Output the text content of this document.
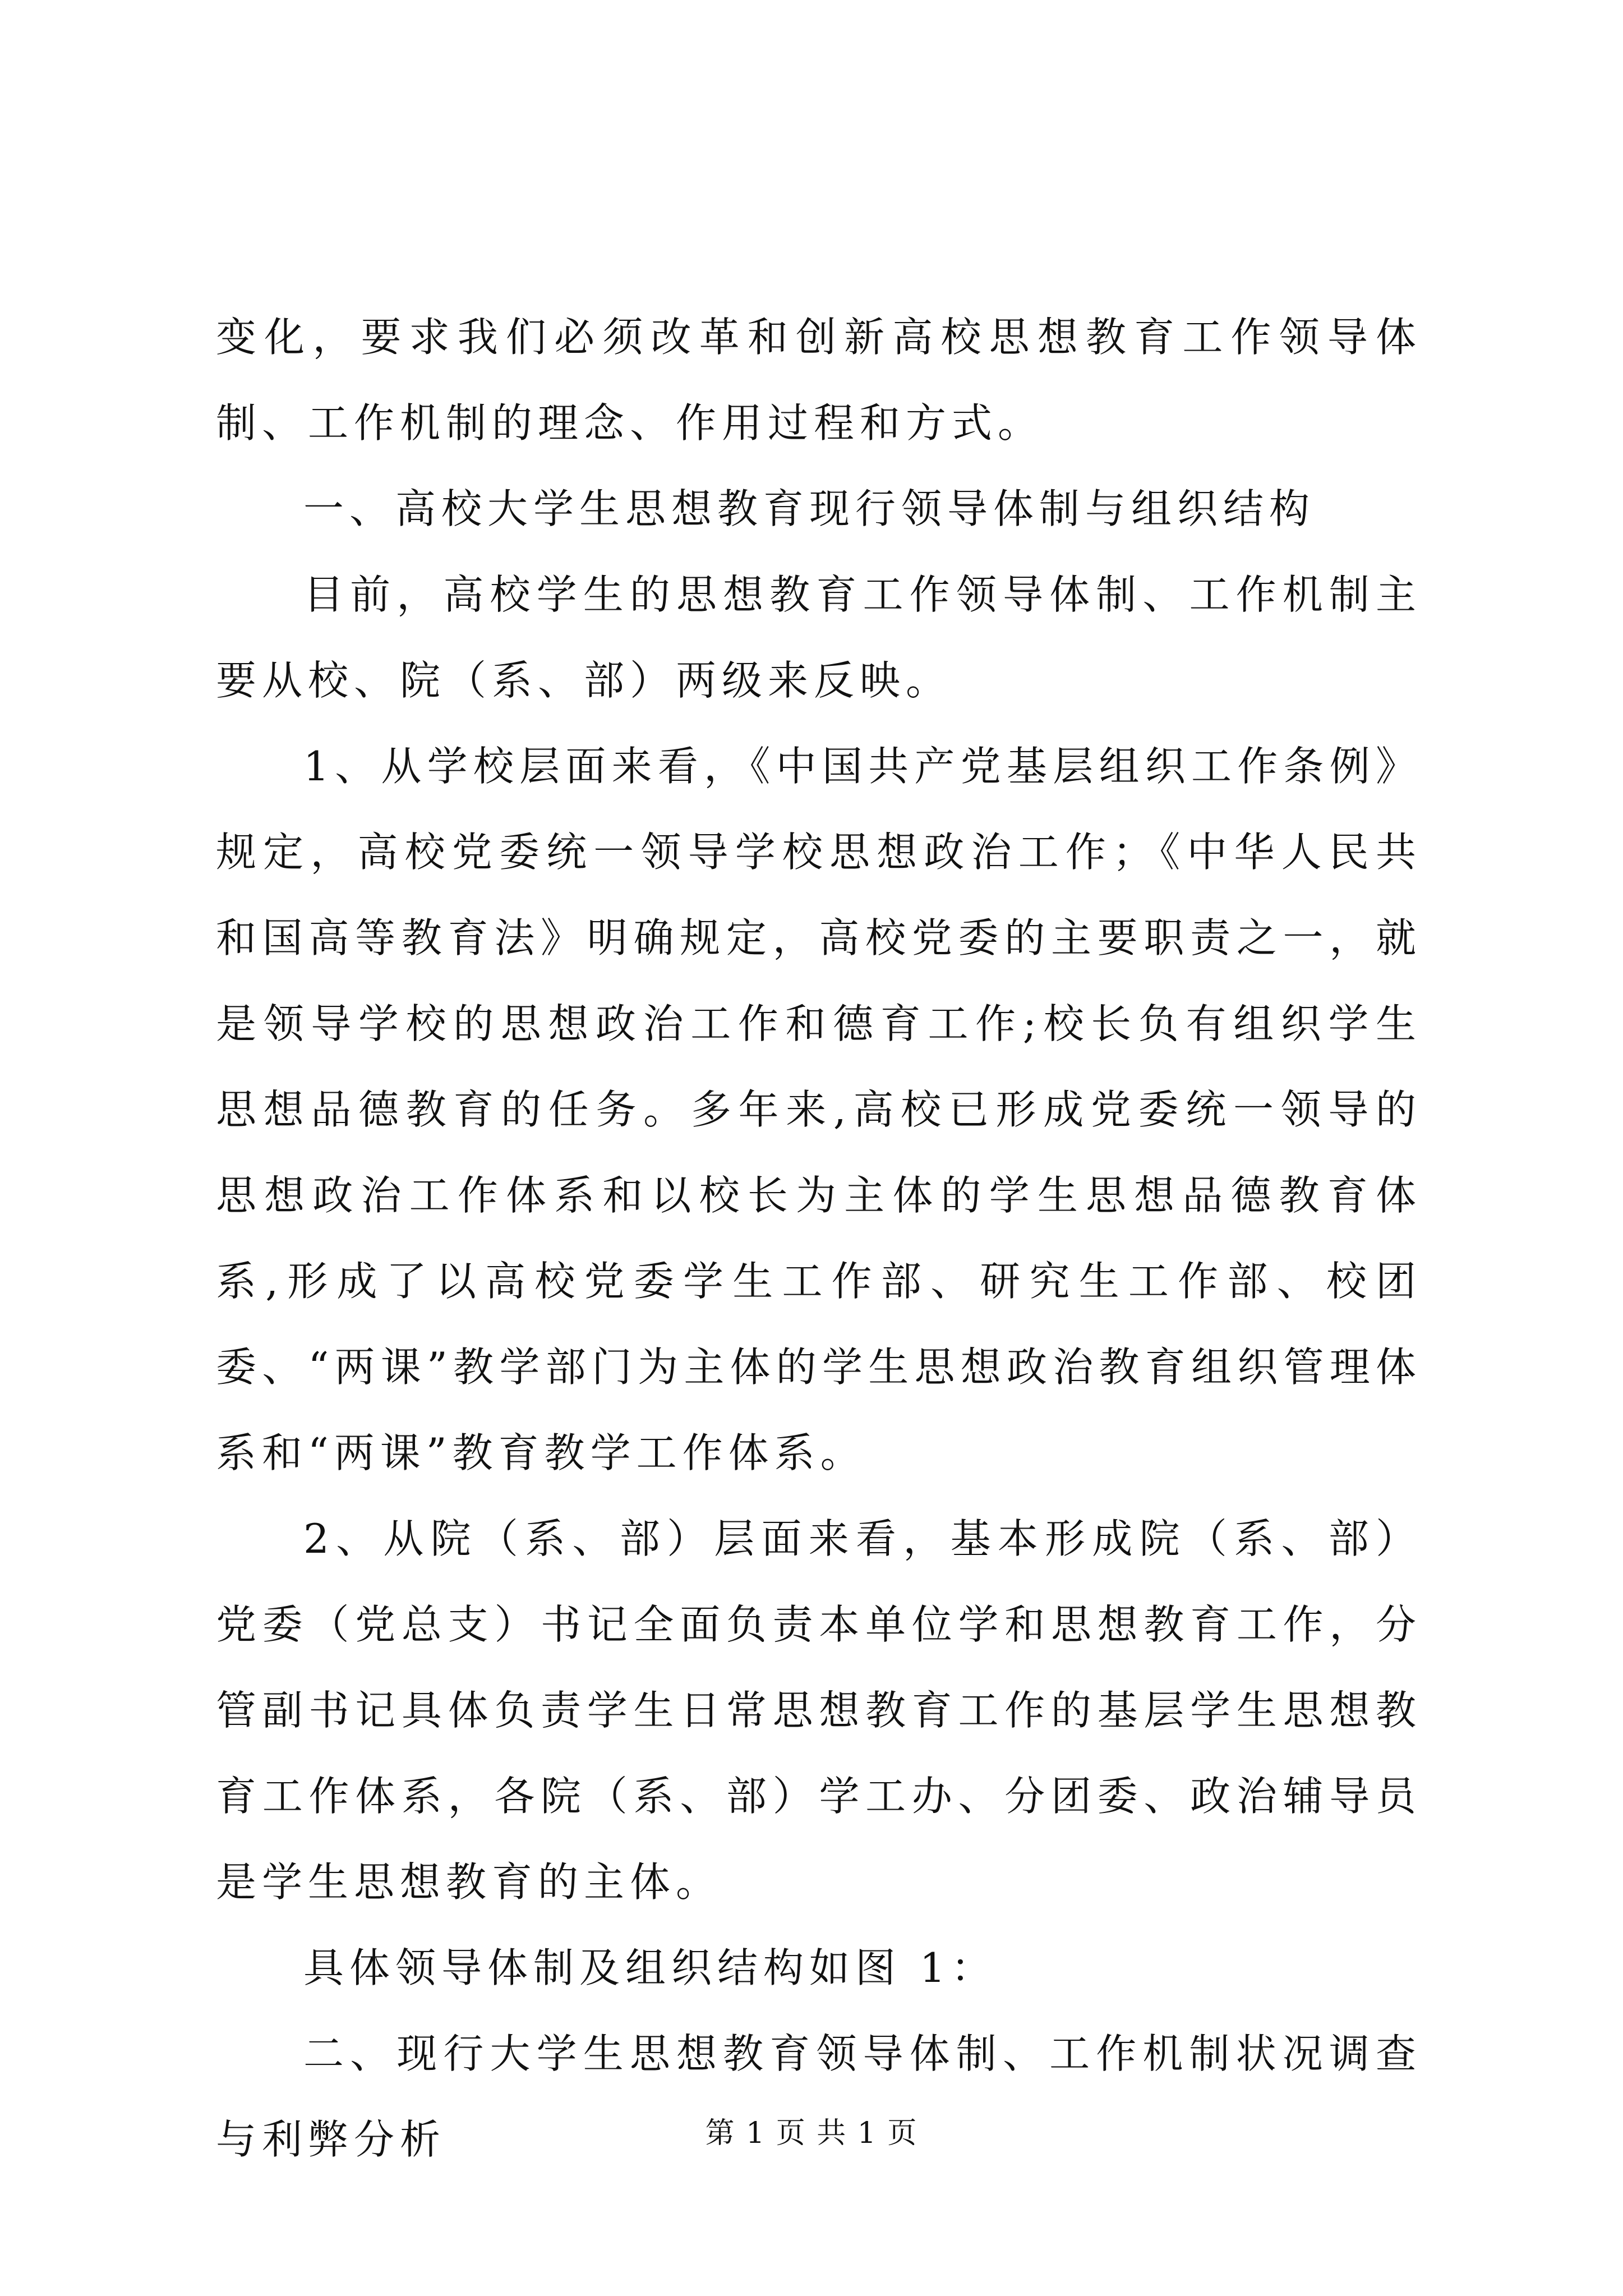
变化，要求我们必须改革和创新高校思想教育工作领导体制、工作机制的理念、作用过程和方式。

一、高校大学生思想教育现行领导体制与组织结构

目前，高校学生的思想教育工作领导体制、工作机制主要从校、院（系、部）两级来反映。

1、从学校层面来看，《中国共产党基层组织工作条例》规定，高校党委统一领导学校思想政治工作；《中华人民共和国高等教育法》明确规定，高校党委的主要职责之一，就是领导学校的思想政治工作和德育工作;校长负有组织学生思想品德教育的任务。多年来,高校已形成党委统一领导的思想政治工作体系和以校长为主体的学生思想品德教育体系,形成了以高校党委学生工作部、研究生工作部、校团委、“两课”教学部门为主体的学生思想政治教育组织管理体系和“两课”教育教学工作体系。

2、从院（系、部）层面来看，基本形成院（系、部）党委（党总支）书记全面负责本单位学和思想教育工作，分管副书记具体负责学生日常思想教育工作的基层学生思想教育工作体系，各院（系、部）学工办、分团委、政治辅导员是学生思想教育的主体。

具体领导体制及组织结构如图 1：

二、现行大学生思想教育领导体制、工作机制状况调查与利弊分析	第 1 页 共 1 页
